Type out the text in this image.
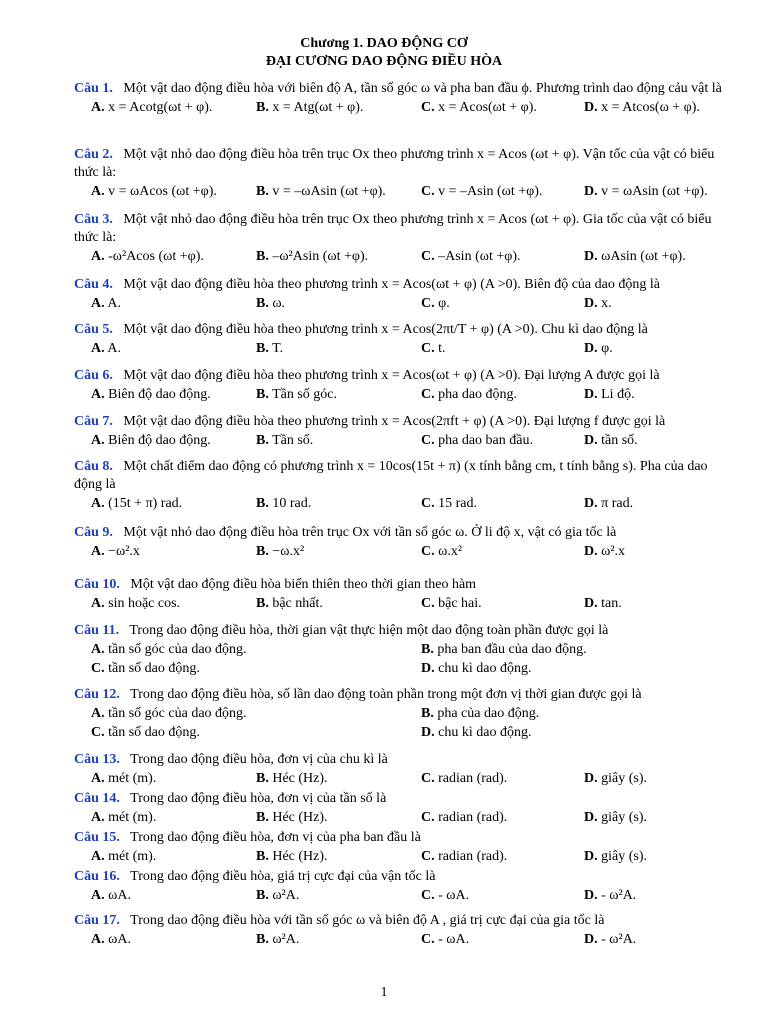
Chương 1. DAO ĐỘNG CƠ
ĐẠI CƯƠNG DAO ĐỘNG ĐIỀU HÒA
Câu 1. Một vật dao động điều hòa với biên độ A, tần số góc ω và pha ban đầu ϕ. Phương trình dao động cảu vật là
A. x = Acotg(ωt + φ).	B. x = Atg(ωt + φ).	C. x = Acos(ωt + φ).	D. x = Atcos(ω + φ).
Câu 2. Một vật nhỏ dao động điều hòa trên trục Ox theo phương trình x = Acos (ωt + φ). Vận tốc của vật có biểu thức là:
A. v = ωAcos (ωt +φ).	B. v = –ωAsin (ωt +φ).	C. v = –Asin (ωt +φ).	D. v = ωAsin (ωt +φ).
Câu 3. Một vật nhỏ dao động điều hòa trên trục Ox theo phương trình x = Acos (ωt + φ). Gia tốc của vật có biểu thức là:
A. -ω²Acos (ωt +φ).	B. –ω²Asin (ωt +φ).	C. –Asin (ωt +φ).	D. ωAsin (ωt +φ).
Câu 4. Một vật dao động điều hòa theo phương trình x = Acos(ωt + φ) (A >0). Biên độ của dao động là
A. A.	B. ω.	C. φ.	D. x.
Câu 5. Một vật dao động điều hòa theo phương trình x = Acos(2πt/T + φ) (A >0). Chu kì dao động là
A. A.	B. T.	C. t.	D. φ.
Câu 6. Một vật dao động điều hòa theo phương trình x = Acos(ωt + φ) (A >0). Đại lượng A được gọi là
A. Biên độ dao động.	B. Tần số góc.	C. pha dao động.	D. Li độ.
Câu 7. Một vật dao động điều hòa theo phương trình x = Acos(2πft + φ) (A >0). Đại lượng f được gọi là
A. Biên độ dao động.	B. Tần số.	C. pha dao ban đầu.	D. tần số.
Câu 8. Một chất điểm dao động có phương trình x = 10cos(15t + π) (x tính bằng cm, t tính bằng s). Pha của dao động là
A. (15t + π) rad.	B. 10 rad.	C. 15 rad.	D. π rad.
Câu 9. Một vật nhỏ dao động điều hòa trên trục Ox với tần số góc ω. Ở li độ x, vật có gia tốc là
A. −ω².x	B. −ω.x²	C. ω.x²	D. ω².x
Câu 10. Một vật dao động điều hòa biến thiên theo thời gian theo hàm
A. sin hoặc cos.	B. bậc nhất.	C. bậc hai.	D. tan.
Câu 11. Trong dao động điều hòa, thời gian vật thực hiện một dao động toàn phần được gọi là
A. tần số góc của dao động.	B. pha ban đầu của dao động.
C. tần số dao động.	D. chu kì dao động.
Câu 12. Trong dao động điều hòa, số lần dao động toàn phần trong một đơn vị thời gian được gọi là
A. tần số góc của dao động.	B. pha của dao động.
C. tần số dao động.	D. chu kì dao động.
Câu 13. Trong dao động điều hòa, đơn vị của chu kì là
A. mét (m).	B. Héc (Hz).	C. radian (rad).	D. giây (s).
Câu 14. Trong dao động điều hòa, đơn vị của tần số là
A. mét (m).	B. Héc (Hz).	C. radian (rad).	D. giây (s).
Câu 15. Trong dao động điều hòa, đơn vị của pha ban đầu là
A. mét (m).	B. Héc (Hz).	C. radian (rad).	D. giây (s).
Câu 16. Trong dao động điều hòa, giá trị cực đại của vận tốc là
A. ωA.	B. ω²A.	C. - ωA.	D. - ω²A.
Câu 17. Trong dao động điều hòa với tần số góc ω và biên độ A , giá trị cực đại của gia tốc là
A. ωA.	B. ω²A.	C. - ωA.	D. - ω²A.
1
